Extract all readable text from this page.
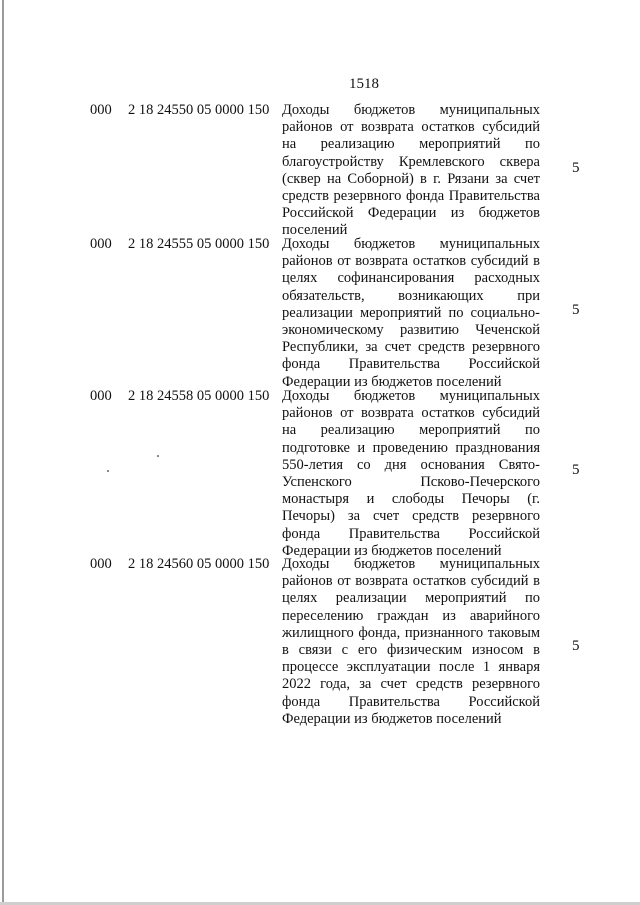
1518
000 2 18 24550 05 0000 150 Доходы бюджетов муниципальных районов от возврата остатков субсидий на реализацию мероприятий по благоустройству Кремлевского сквера (сквер на Соборной) в г. Рязани за счет средств резервного фонда Правительства Российской Федерации из бюджетов поселений
5
000 2 18 24555 05 0000 150 Доходы бюджетов муниципальных районов от возврата остатков субсидий в целях софинансирования расходных обязательств, возникающих при реализации мероприятий по социально-экономическому развитию Чеченской Республики, за счет средств резервного фонда Правительства Российской Федерации из бюджетов поселений
5
000 2 18 24558 05 0000 150 Доходы бюджетов муниципальных районов от возврата остатков субсидий на реализацию мероприятий по подготовке и проведению празднования 550-летия со дня основания Свято-Успенского Псково-Печерского монастыря и слободы Печоры (г. Печоры) за счет средств резервного фонда Правительства Российской Федерации из бюджетов поселений
5
000 2 18 24560 05 0000 150 Доходы бюджетов муниципальных районов от возврата остатков субсидий в целях реализации мероприятий по переселению граждан из аварийного жилищного фонда, признанного таковым в связи с его физическим износом в процессе эксплуатации после 1 января 2022 года, за счет средств резервного фонда Правительства Российской Федерации из бюджетов поселений
5
